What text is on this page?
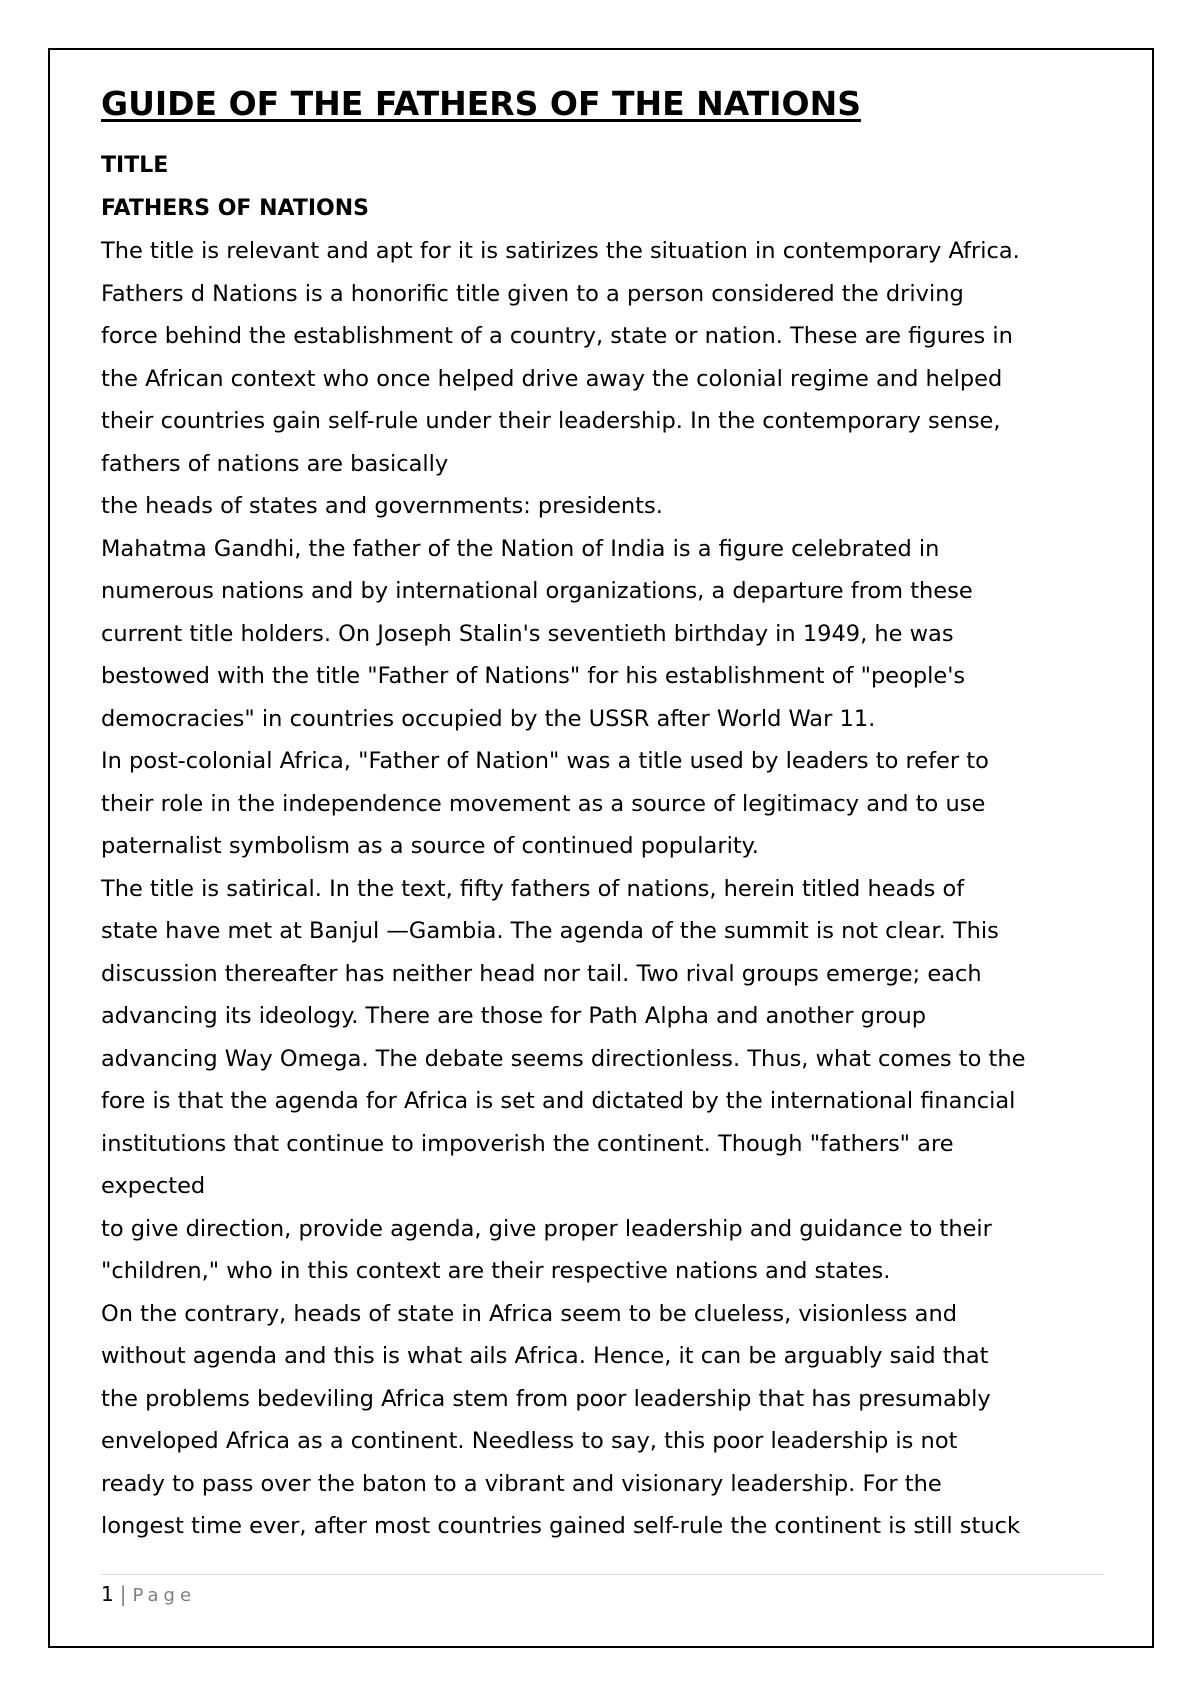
GUIDE OF THE FATHERS OF THE NATIONS

TITLE

FATHERS OF NATIONS

The title is relevant and apt for it is satirizes the situation in contemporary Africa.

Fathers d Nations is a honorific title given to a person considered the driving

force behind the establishment of a country, state or nation. These are figures in

the African context who once helped drive away the colonial regime and helped

their countries gain self-rule under their leadership. In the contemporary sense,

fathers of nations are basically

the heads of states and governments: presidents.

Mahatma Gandhi, the father of the Nation of India is a figure celebrated in

numerous nations and by international organizations, a departure from these

current title holders. On Joseph Stalin's seventieth birthday in 1949, he was

bestowed with the title "Father of Nations" for his establishment of "people's

democracies" in countries occupied by the USSR after World War 11.

In post-colonial Africa, "Father of Nation" was a title used by leaders to refer to

their role in the independence movement as a source of legitimacy and to use

paternalist symbolism as a source of continued popularity.

The title is satirical. In the text, fifty fathers of nations, herein titled heads of

state have met at Banjul —Gambia. The agenda of the summit is not clear. This

discussion thereafter has neither head nor tail. Two rival groups emerge; each

advancing its ideology. There are those for Path Alpha and another group

advancing Way Omega. The debate seems directionless. Thus, what comes to the

fore is that the agenda for Africa is set and dictated by the international financial

institutions that continue to impoverish the continent. Though "fathers" are

expected

to give direction, provide agenda, give proper leadership and guidance to their

"children," who in this context are their respective nations and states.

On the contrary, heads of state in Africa seem to be clueless, visionless and

without agenda and this is what ails Africa. Hence, it can be arguably said that

the problems bedeviling Africa stem from poor leadership that has presumably

enveloped Africa as a continent. Needless to say, this poor leadership is not

ready to pass over the baton to a vibrant and visionary leadership. For the

longest time ever, after most countries gained self-rule the continent is still stuck

1 | Page
